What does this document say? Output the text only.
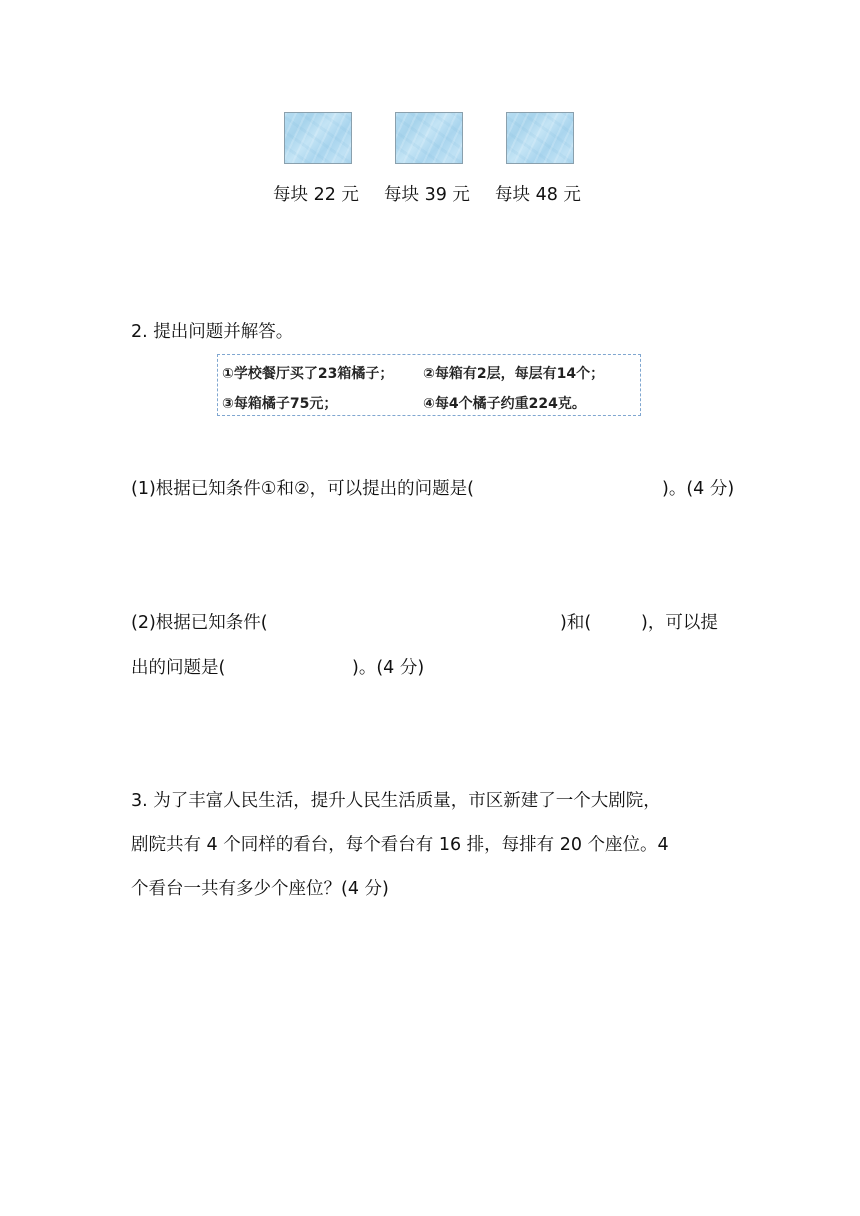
每块 22 元 每块 39 元 每块 48 元
2. 提出问题并解答。
①学校餐厅买了23箱橘子； ②每箱有2层，每层有14个；
③每箱橘子75元；	④每4个橘子约重224克。
(1)根据已知条件①和②，可以提出的问题是(	)。(4 分)
(2)根据已知条件(	)和(	)，可以提
出的问题是(	)。(4 分)
3. 为了丰富人民生活，提升人民生活质量，市区新建了一个大剧院，
剧院共有 4 个同样的看台，每个看台有 16 排，每排有 20 个座位。4
个看台一共有多少个座位？(4 分)
